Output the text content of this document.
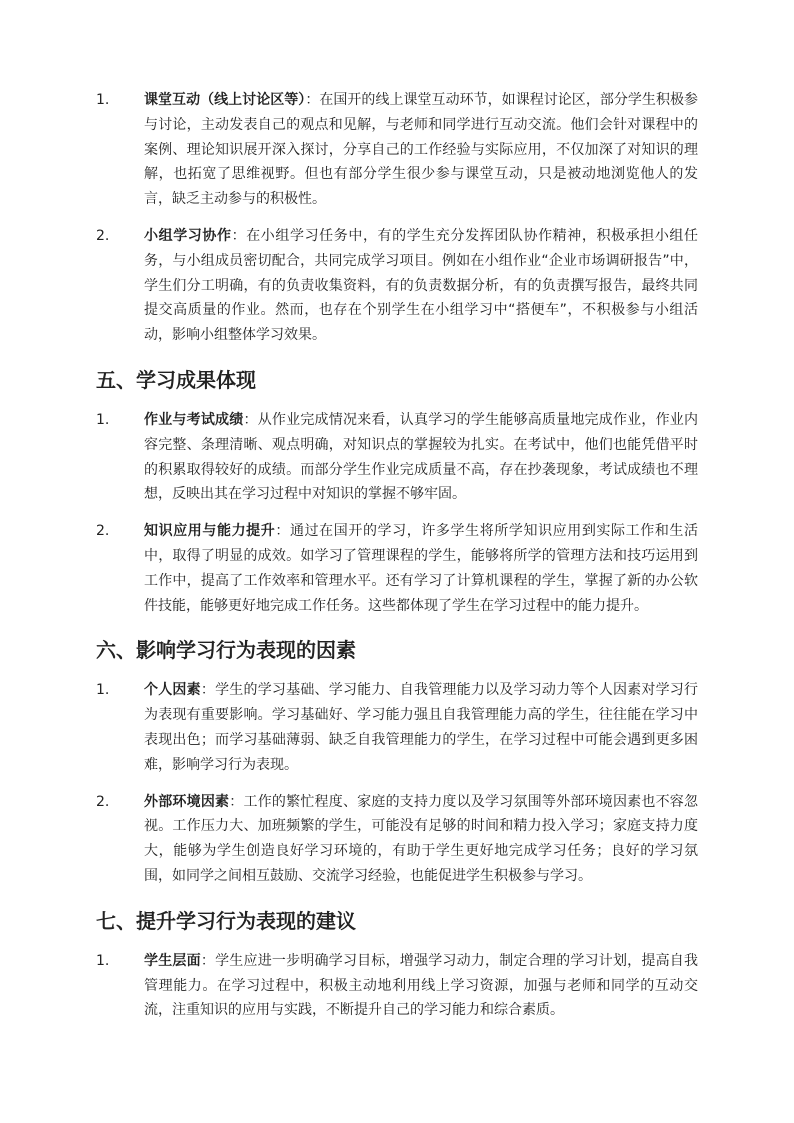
1.	课堂互动（线上讨论区等）：在国开的线上课堂互动环节，如课程讨论区，部分学生积极参与讨论，主动发表自己的观点和见解，与老师和同学进行互动交流。他们会针对课程中的案例、理论知识展开深入探讨，分享自己的工作经验与实际应用，不仅加深了对知识的理解，也拓宽了思维视野。但也有部分学生很少参与课堂互动，只是被动地浏览他人的发言，缺乏主动参与的积极性。
2.	小组学习协作：在小组学习任务中，有的学生充分发挥团队协作精神，积极承担小组任务，与小组成员密切配合，共同完成学习项目。例如在小组作业“企业市场调研报告”中，学生们分工明确，有的负责收集资料，有的负责数据分析，有的负责撰写报告，最终共同提交高质量的作业。然而，也存在个别学生在小组学习中“搭便车”，不积极参与小组活动，影响小组整体学习效果。
五、学习成果体现
1.	作业与考试成绩：从作业完成情况来看，认真学习的学生能够高质量地完成作业，作业内容完整、条理清晰、观点明确，对知识点的掌握较为扎实。在考试中，他们也能凭借平时的积累取得较好的成绩。而部分学生作业完成质量不高，存在抄袭现象，考试成绩也不理想，反映出其在学习过程中对知识的掌握不够牢固。
2.	知识应用与能力提升：通过在国开的学习，许多学生将所学知识应用到实际工作和生活中，取得了明显的成效。如学习了管理课程的学生，能够将所学的管理方法和技巧运用到工作中，提高了工作效率和管理水平。还有学习了计算机课程的学生，掌握了新的办公软件技能，能够更好地完成工作任务。这些都体现了学生在学习过程中的能力提升。
六、影响学习行为表现的因素
1.	个人因素：学生的学习基础、学习能力、自我管理能力以及学习动力等个人因素对学习行为表现有重要影响。学习基础好、学习能力强且自我管理能力高的学生，往往能在学习中表现出色；而学习基础薄弱、缺乏自我管理能力的学生，在学习过程中可能会遇到更多困难，影响学习行为表现。
2.	外部环境因素：工作的繁忙程度、家庭的支持力度以及学习氛围等外部环境因素也不容忽视。工作压力大、加班频繁的学生，可能没有足够的时间和精力投入学习；家庭支持力度大，能够为学生创造良好学习环境的，有助于学生更好地完成学习任务；良好的学习氛围，如同学之间相互鼓励、交流学习经验，也能促进学生积极参与学习。
七、提升学习行为表现的建议
1.	学生层面：学生应进一步明确学习目标，增强学习动力，制定合理的学习计划，提高自我管理能力。在学习过程中，积极主动地利用线上学习资源，加强与老师和同学的互动交流，注重知识的应用与实践，不断提升自己的学习能力和综合素质。
